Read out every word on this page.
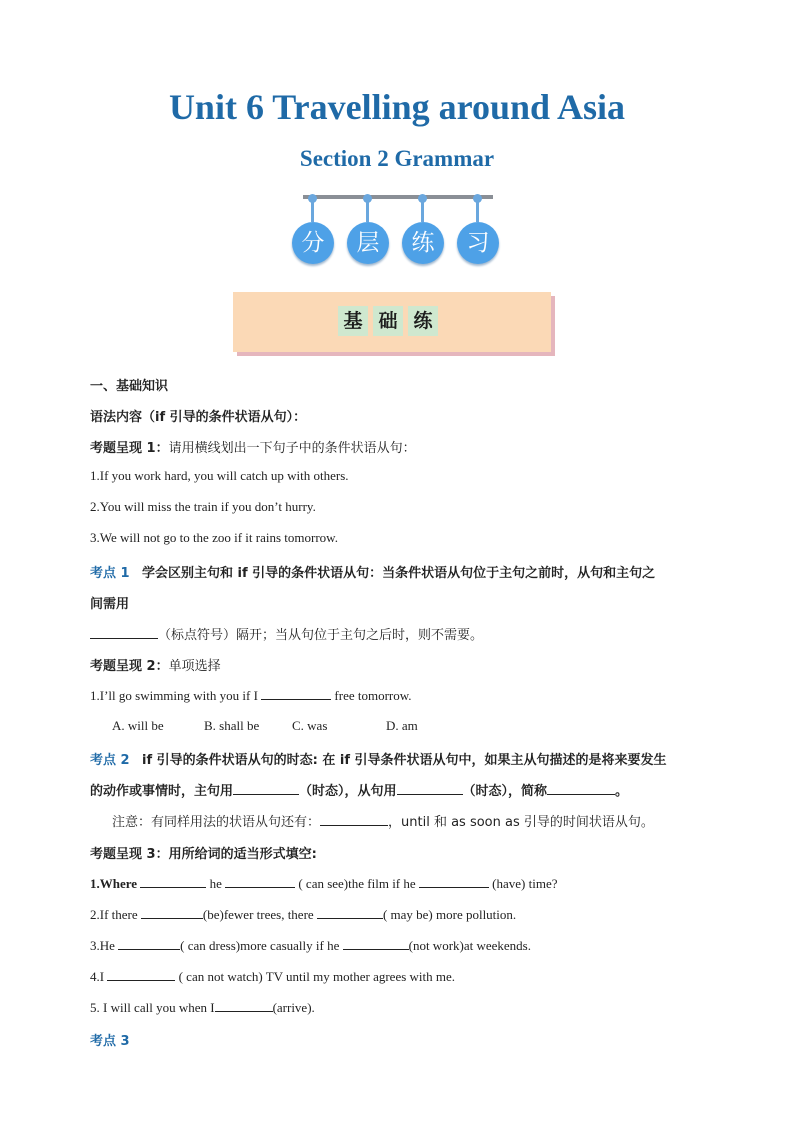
Unit 6 Travelling around Asia
Section 2 Grammar
分	层	练	习
基 础 练
一、基础知识
语法内容（if 引导的条件状语从句）：
考题呈现 1：请用横线划出一下句子中的条件状语从句：
1.If you work hard, you will catch up with others.
2.You will miss the train if you don’t hurry.
3.We will not go to the zoo if it rains tomorrow.
考点 1 学会区别主句和 if 引导的条件状语从句：当条件状语从句位于主句之前时，从句和主句之
间需用
（标点符号）隔开；当从句位于主句之后时，则不需要。
考题呈现 2：单项选择
1.I’ll go swimming with you if I	free tomorrow.
A. will be	B. shall be	C. was	D. am
考点 2 if 引导的条件状语从句的时态: 在 if 引导条件状语从句中，如果主从句描述的是将来要发生
的动作或事情时，主句用	（时态），从句用	（时态），简称	。
注意：有同样用法的状语从句还有：	，until 和 as soon as 引导的时间状语从句。
考题呈现 3：用所给词的适当形式填空:
1.Where	he	( can see)the film if he	(have) time?
2.If there	(be)fewer trees, there	( may be) more pollution.
3.He	( can dress)more casually if he	(not work)at weekends.
4.I	( can not watch) TV until my mother agrees with me.
5. I will call you when I	(arrive).
考点 3
